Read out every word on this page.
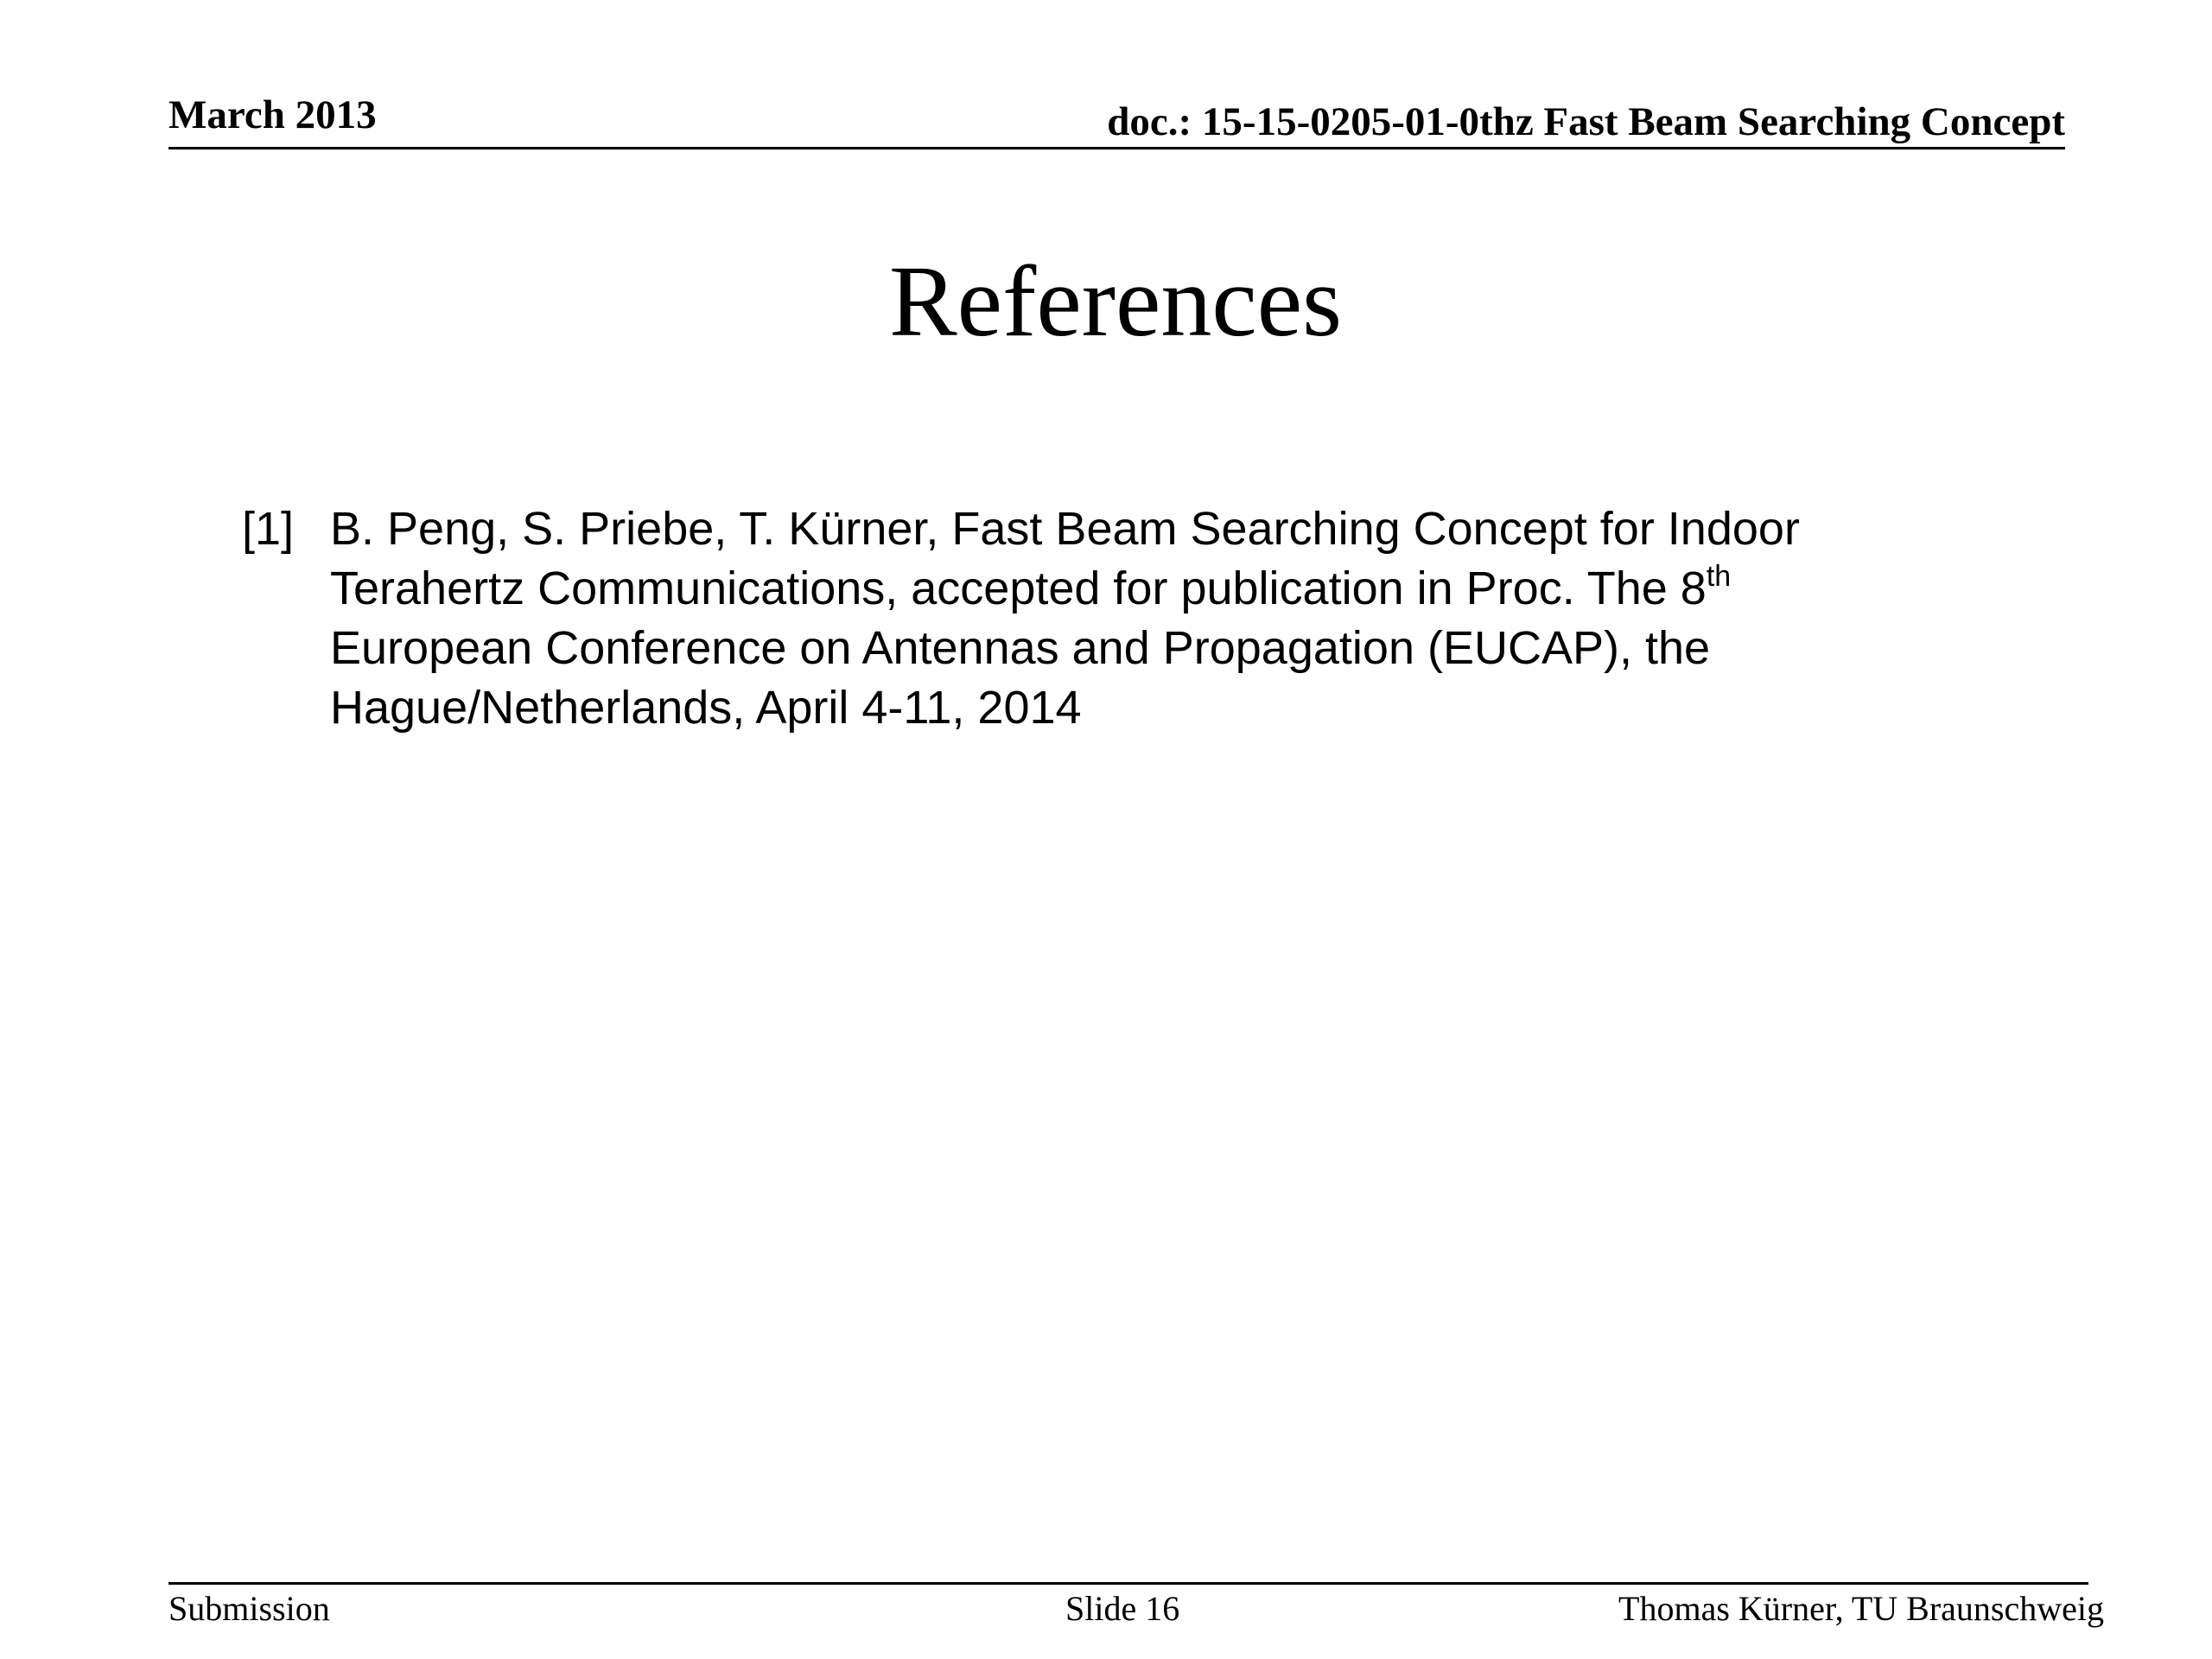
March 2013	doc.: 15-15-0205-01-0thz Fast Beam Searching Concept
References
[1] B. Peng, S. Priebe, T. Kürner, Fast Beam Searching Concept for Indoor
Terahertz Communications, accepted for publication in Proc. The 8th
European Conference on Antennas and Propagation (EUCAP), the
Hague/Netherlands, April 4-11, 2014
Submission	Slide 16	Thomas Kürner, TU Braunschweig
